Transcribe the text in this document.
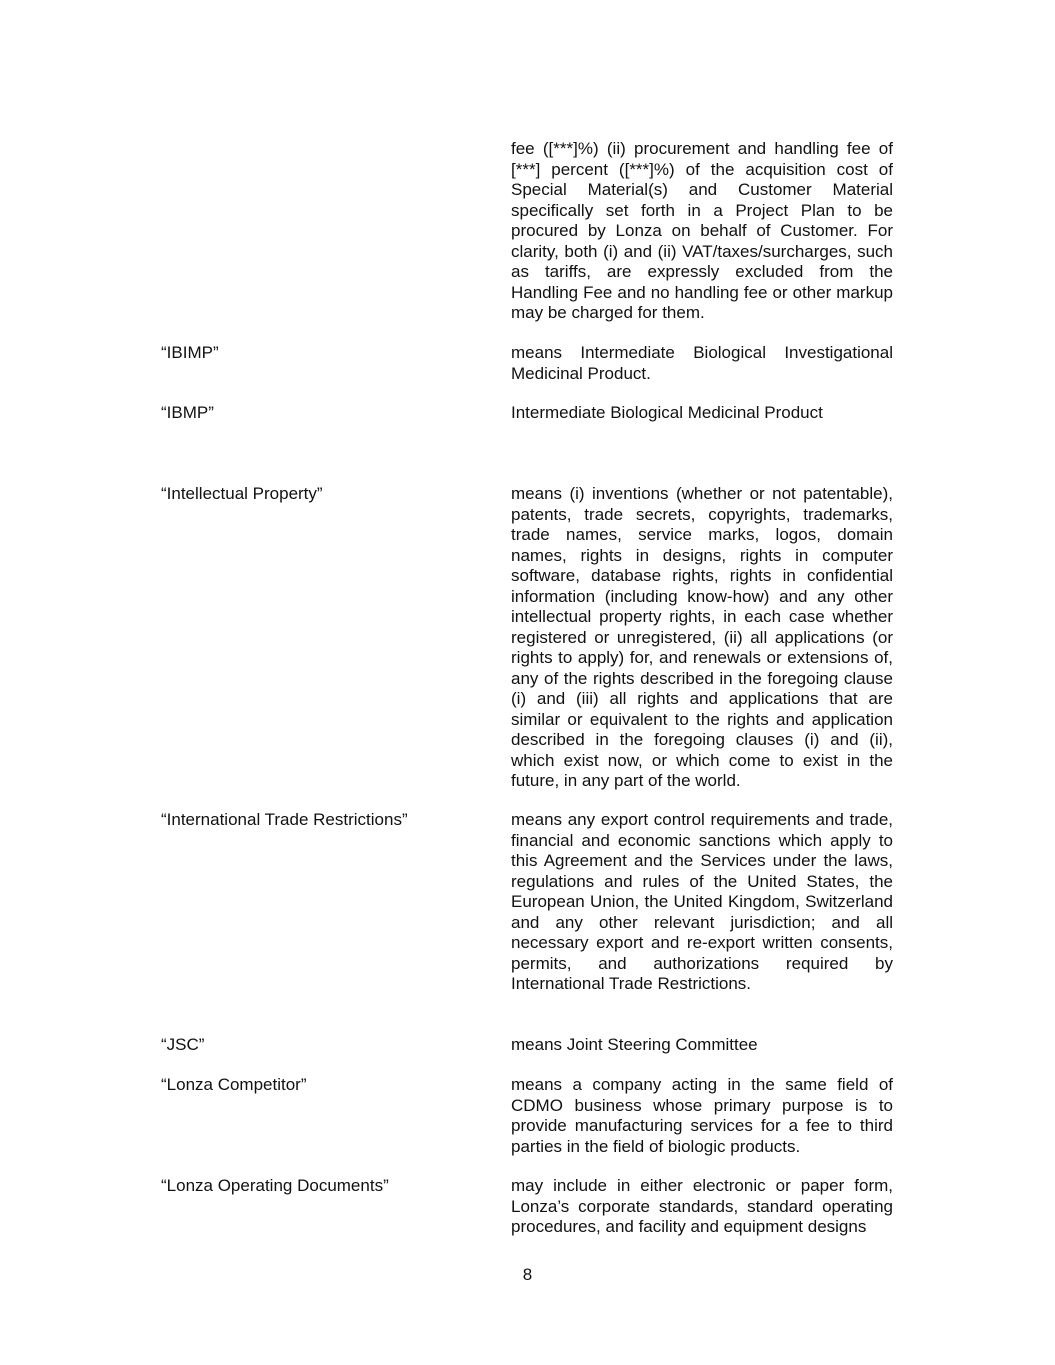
fee ([***]%) (ii) procurement and handling fee of [***] percent ([***]%) of the acquisition cost of Special Material(s) and Customer Material specifically set forth in a Project Plan to be procured by Lonza on behalf of Customer. For clarity, both (i) and (ii) VAT/taxes/surcharges, such as tariffs, are expressly excluded from the Handling Fee and no handling fee or other markup may be charged for them.
“IBIMP”	means Intermediate Biological Investigational Medicinal Product.
“IBMP”	Intermediate Biological Medicinal Product
“Intellectual Property”	means (i) inventions (whether or not patentable), patents, trade secrets, copyrights, trademarks, trade names, service marks, logos, domain names, rights in designs, rights in computer software, database rights, rights in confidential information (including know-how) and any other intellectual property rights, in each case whether registered or unregistered, (ii) all applications (or rights to apply) for, and renewals or extensions of, any of the rights described in the foregoing clause (i) and (iii) all rights and applications that are similar or equivalent to the rights and application described in the foregoing clauses (i) and (ii), which exist now, or which come to exist in the future, in any part of the world.
“International Trade Restrictions”	means any export control requirements and trade, financial and economic sanctions which apply to this Agreement and the Services under the laws, regulations and rules of the United States, the European Union, the United Kingdom, Switzerland and any other relevant jurisdiction; and all necessary export and re-export written consents, permits, and authorizations required by International Trade Restrictions.
“JSC”	means Joint Steering Committee
“Lonza Competitor”	means a company acting in the same field of CDMO business whose primary purpose is to provide manufacturing services for a fee to third parties in the field of biologic products.
“Lonza Operating Documents”	may include in either electronic or paper form, Lonza’s corporate standards, standard operating procedures, and facility and equipment designs
8
